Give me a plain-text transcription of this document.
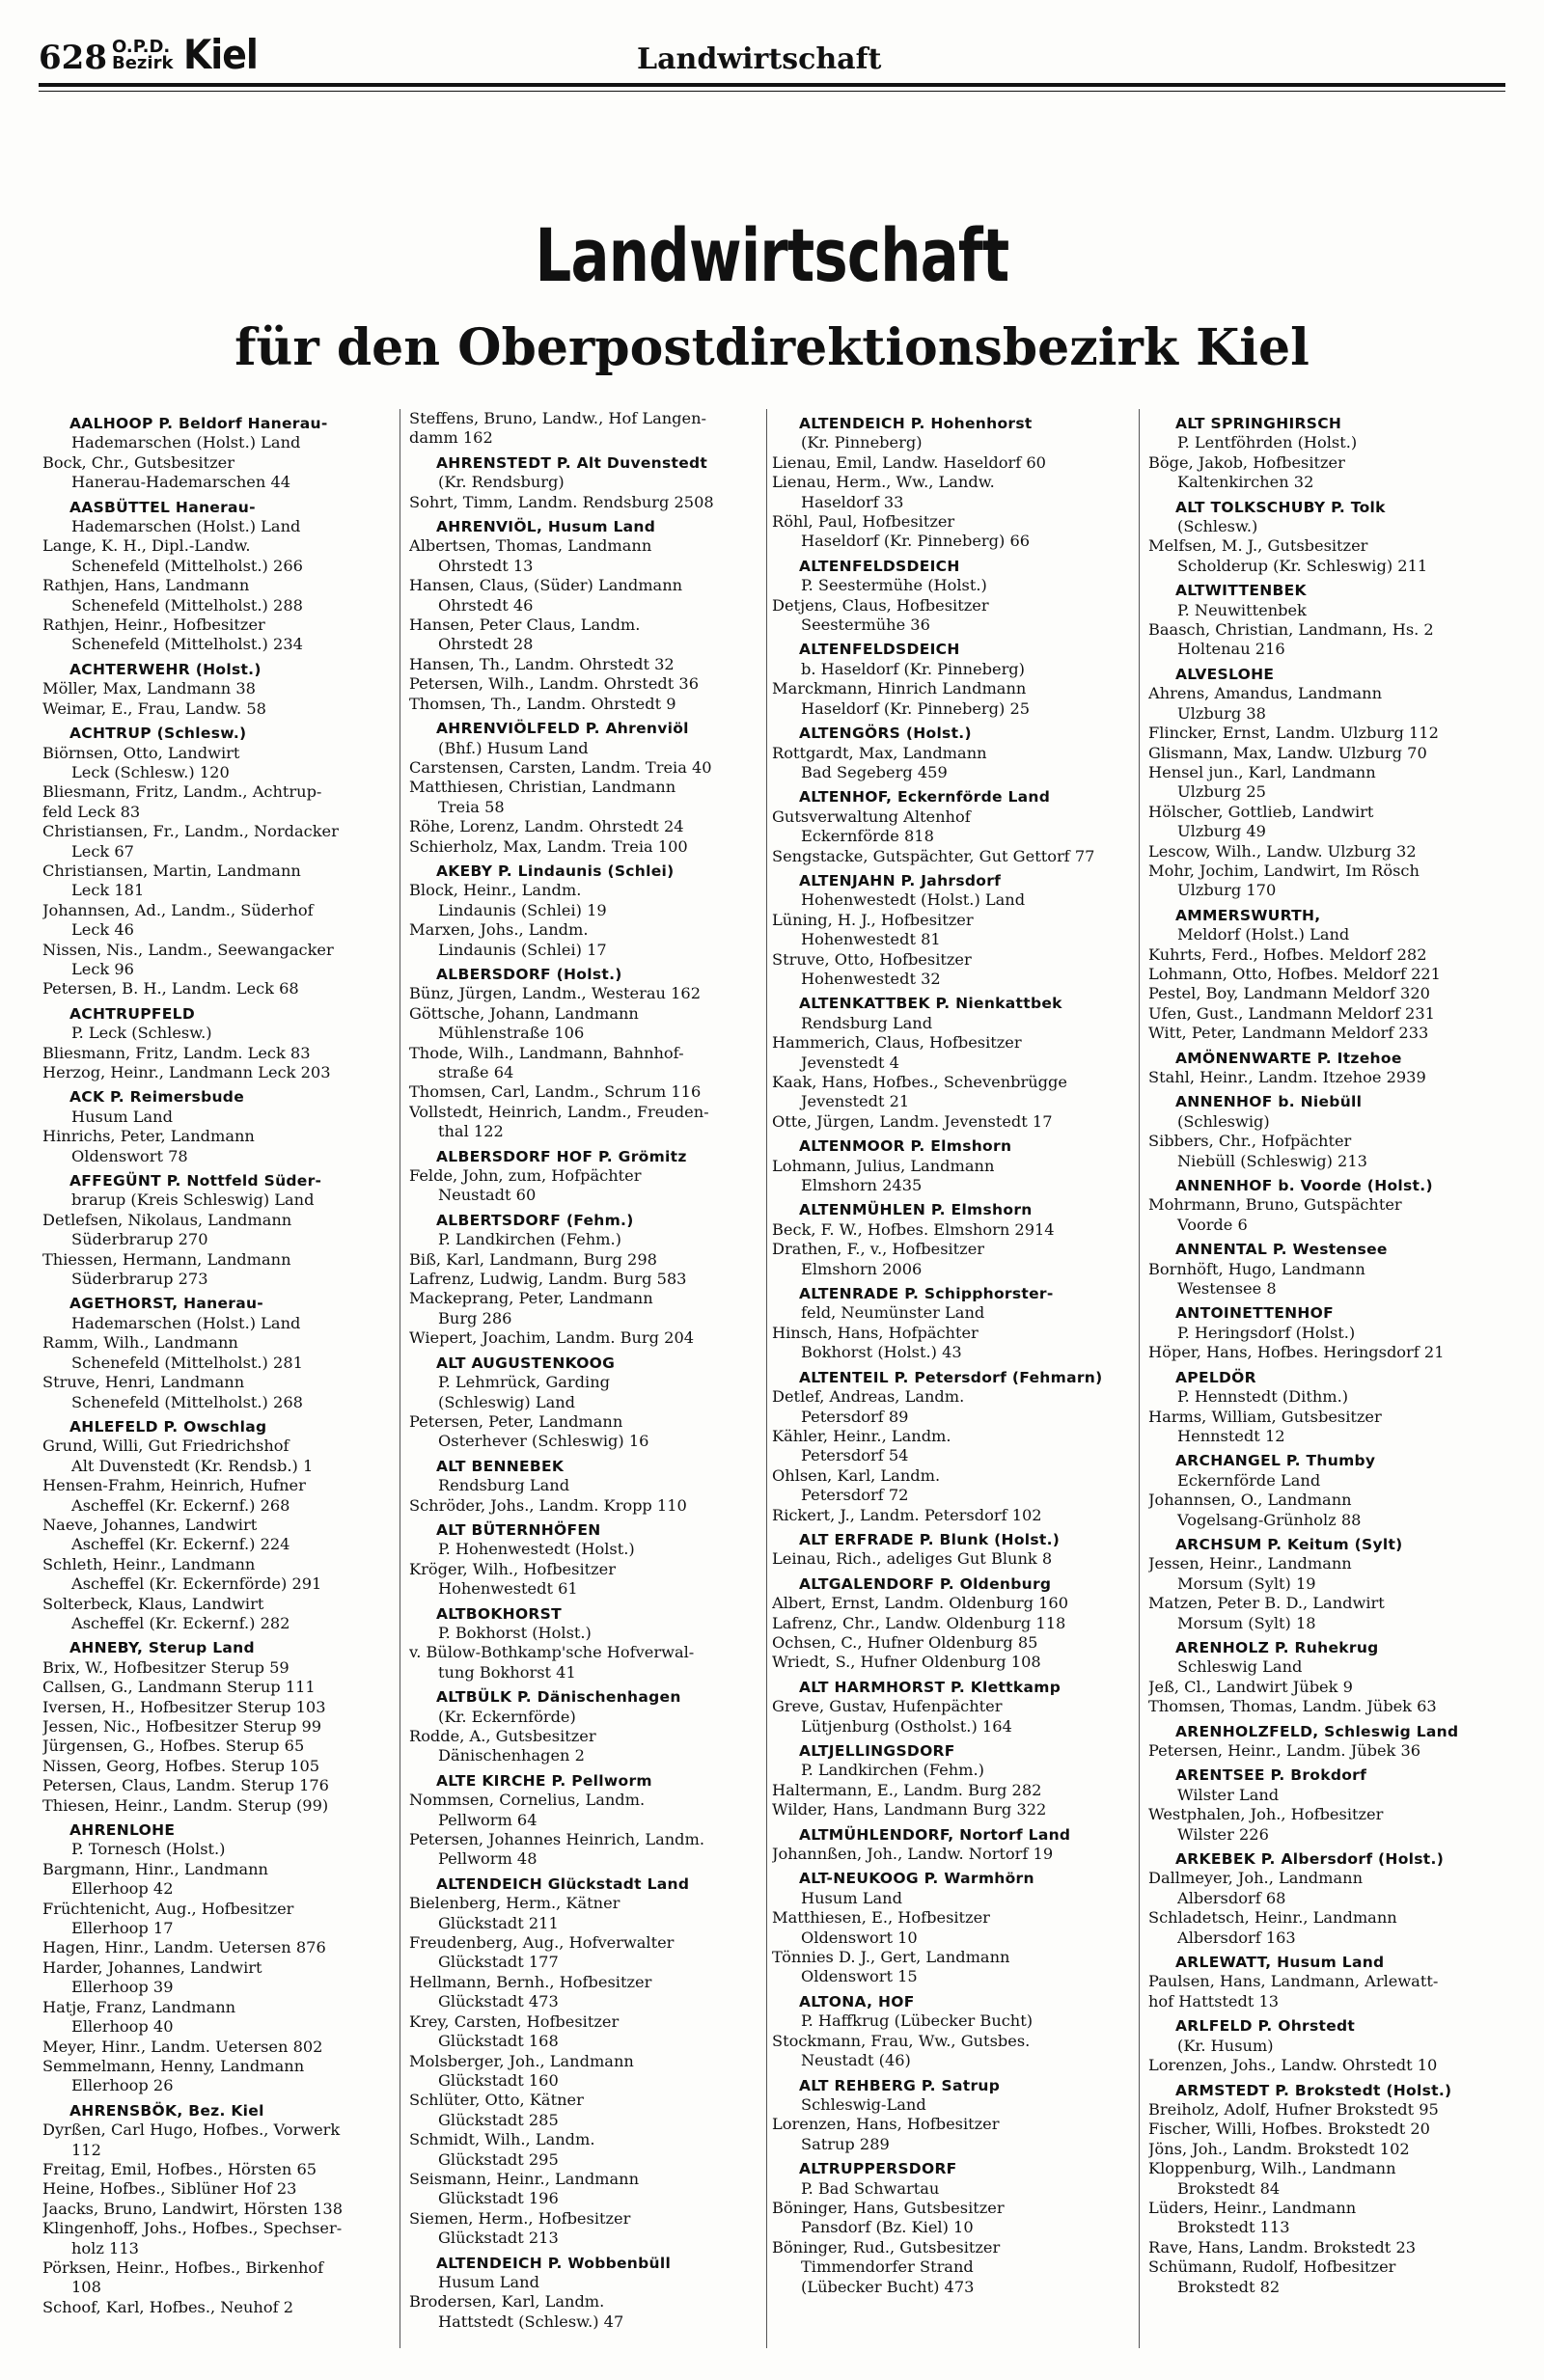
628 O.P.D.
Bezirk Kiel	Landwirtschaft
Landwirtschaft
für den Oberpostdirektionsbezirk Kiel
AALHOOP P. Beldorf Hanerau-
Hademarschen (Holst.) Land
Bock, Chr., Gutsbesitzer
Hanerau-Hademarschen 44
AASBÜTTEL Hanerau-
Hademarschen (Holst.) Land
Lange, K. H., Dipl.-Landw.
Schenefeld (Mittelholst.) 266
Rathjen, Hans, Landmann
Schenefeld (Mittelholst.) 288
Rathjen, Heinr., Hofbesitzer
Schenefeld (Mittelholst.) 234
ACHTERWEHR (Holst.)
Möller, Max, Landmann 38
Weimar, E., Frau, Landw. 58
ACHTRUP (Schlesw.)
Biörnsen, Otto, Landwirt
Leck (Schlesw.) 120
Bliesmann, Fritz, Landm., Achtrup-
feld Leck 83
Christiansen, Fr., Landm., Nordacker
Leck 67
Christiansen, Martin, Landmann
Leck 181
Johannsen, Ad., Landm., Süderhof
Leck 46
Nissen, Nis., Landm., Seewangacker
Leck 96
Petersen, B. H., Landm. Leck 68
ACHTRUPFELD
P. Leck (Schlesw.)
Bliesmann, Fritz, Landm. Leck 83
Herzog, Heinr., Landmann Leck 203
ACK P. Reimersbude
Husum Land
Hinrichs, Peter, Landmann
Oldenswort 78
AFFEGÜNT P. Nottfeld Süder-
brarup (Kreis Schleswig) Land
Detlefsen, Nikolaus, Landmann
Süderbrarup 270
Thiessen, Hermann, Landmann
Süderbrarup 273
AGETHORST, Hanerau-
Hademarschen (Holst.) Land
Ramm, Wilh., Landmann
Schenefeld (Mittelholst.) 281
Struve, Henri, Landmann
Schenefeld (Mittelholst.) 268
AHLEFELD P. Owschlag
Grund, Willi, Gut Friedrichshof
Alt Duvenstedt (Kr. Rendsb.) 1
Hensen-Frahm, Heinrich, Hufner
Ascheffel (Kr. Eckernf.) 268
Naeve, Johannes, Landwirt
Ascheffel (Kr. Eckernf.) 224
Schleth, Heinr., Landmann
Ascheffel (Kr. Eckernförde) 291
Solterbeck, Klaus, Landwirt
Ascheffel (Kr. Eckernf.) 282
AHNEBY, Sterup Land
Brix, W., Hofbesitzer Sterup 59
Callsen, G., Landmann Sterup 111
Iversen, H., Hofbesitzer Sterup 103
Jessen, Nic., Hofbesitzer Sterup 99
Jürgensen, G., Hofbes. Sterup 65
Nissen, Georg, Hofbes. Sterup 105
Petersen, Claus, Landm. Sterup 176
Thiesen, Heinr., Landm. Sterup (99)
AHRENLOHE
P. Tornesch (Holst.)
Bargmann, Hinr., Landmann
Ellerhoop 42
Früchtenicht, Aug., Hofbesitzer
Ellerhoop 17
Hagen, Hinr., Landm. Uetersen 876
Harder, Johannes, Landwirt
Ellerhoop 39
Hatje, Franz, Landmann
Ellerhoop 40
Meyer, Hinr., Landm. Uetersen 802
Semmelmann, Henny, Landmann
Ellerhoop 26
AHRENSBÖK, Bez. Kiel
Dyrßen, Carl Hugo, Hofbes., Vorwerk
112
Freitag, Emil, Hofbes., Hörsten 65
Heine, Hofbes., Siblüner Hof 23
Jaacks, Bruno, Landwirt, Hörsten 138
Klingenhoff, Johs., Hofbes., Spechser-
holz 113
Pörksen, Heinr., Hofbes., Birkenhof
108
Schoof, Karl, Hofbes., Neuhof 2
Steffens, Bruno, Landw., Hof Langen-
damm 162
AHRENSTEDT P. Alt Duvenstedt
(Kr. Rendsburg)
Sohrt, Timm, Landm. Rendsburg 2508
AHRENVIÖL, Husum Land
Albertsen, Thomas, Landmann
Ohrstedt 13
Hansen, Claus, (Süder) Landmann
Ohrstedt 46
Hansen, Peter Claus, Landm.
Ohrstedt 28
Hansen, Th., Landm. Ohrstedt 32
Petersen, Wilh., Landm. Ohrstedt 36
Thomsen, Th., Landm. Ohrstedt 9
AHRENVIÖLFELD P. Ahrenviöl
(Bhf.) Husum Land
Carstensen, Carsten, Landm. Treia 40
Matthiesen, Christian, Landmann
Treia 58
Röhe, Lorenz, Landm. Ohrstedt 24
Schierholz, Max, Landm. Treia 100
AKEBY P. Lindaunis (Schlei)
Block, Heinr., Landm.
Lindaunis (Schlei) 19
Marxen, Johs., Landm.
Lindaunis (Schlei) 17
ALBERSDORF (Holst.)
Bünz, Jürgen, Landm., Westerau 162
Göttsche, Johann, Landmann
Mühlenstraße 106
Thode, Wilh., Landmann, Bahnhof-
straße 64
Thomsen, Carl, Landm., Schrum 116
Vollstedt, Heinrich, Landm., Freuden-
thal 122
ALBERSDORF HOF P. Grömitz
Felde, John, zum, Hofpächter
Neustadt 60
ALBERTSDORF (Fehm.)
P. Landkirchen (Fehm.)
Biß, Karl, Landmann, Burg 298
Lafrenz, Ludwig, Landm. Burg 583
Mackeprang, Peter, Landmann
Burg 286
Wiepert, Joachim, Landm. Burg 204
ALT AUGUSTENKOOG
P. Lehmrück, Garding
(Schleswig) Land
Petersen, Peter, Landmann
Osterhever (Schleswig) 16
ALT BENNEBEK
Rendsburg Land
Schröder, Johs., Landm. Kropp 110
ALT BÜTERNHÖFEN
P. Hohenwestedt (Holst.)
Kröger, Wilh., Hofbesitzer
Hohenwestedt 61
ALTBOKHORST
P. Bokhorst (Holst.)
v. Bülow-Bothkamp'sche Hofverwal-
tung Bokhorst 41
ALTBÜLK P. Dänischenhagen
(Kr. Eckernförde)
Rodde, A., Gutsbesitzer
Dänischenhagen 2
ALTE KIRCHE P. Pellworm
Nommsen, Cornelius, Landm.
Pellworm 64
Petersen, Johannes Heinrich, Landm.
Pellworm 48
ALTENDEICH Glückstadt Land
Bielenberg, Herm., Kätner
Glückstadt 211
Freudenberg, Aug., Hofverwalter
Glückstadt 177
Hellmann, Bernh., Hofbesitzer
Glückstadt 473
Krey, Carsten, Hofbesitzer
Glückstadt 168
Molsberger, Joh., Landmann
Glückstadt 160
Schlüter, Otto, Kätner
Glückstadt 285
Schmidt, Wilh., Landm.
Glückstadt 295
Seismann, Heinr., Landmann
Glückstadt 196
Siemen, Herm., Hofbesitzer
Glückstadt 213
ALTENDEICH P. Wobbenbüll
Husum Land
Brodersen, Karl, Landm.
Hattstedt (Schlesw.) 47
ALTENDEICH P. Hohenhorst
(Kr. Pinneberg)
Lienau, Emil, Landw. Haseldorf 60
Lienau, Herm., Ww., Landw.
Haseldorf 33
Röhl, Paul, Hofbesitzer
Haseldorf (Kr. Pinneberg) 66
ALTENFELDSDEICH
P. Seestermühe (Holst.)
Detjens, Claus, Hofbesitzer
Seestermühe 36
ALTENFELDSDEICH
b. Haseldorf (Kr. Pinneberg)
Marckmann, Hinrich Landmann
Haseldorf (Kr. Pinneberg) 25
ALTENGÖRS (Holst.)
Rottgardt, Max, Landmann
Bad Segeberg 459
ALTENHOF, Eckernförde Land
Gutsverwaltung Altenhof
Eckernförde 818
Sengstacke, Gutspächter, Gut Gettorf 77
ALTENJAHN P. Jahrsdorf
Hohenwestedt (Holst.) Land
Lüning, H. J., Hofbesitzer
Hohenwestedt 81
Struve, Otto, Hofbesitzer
Hohenwestedt 32
ALTENKATTBEK P. Nienkattbek
Rendsburg Land
Hammerich, Claus, Hofbesitzer
Jevenstedt 4
Kaak, Hans, Hofbes., Schevenbrügge
Jevenstedt 21
Otte, Jürgen, Landm. Jevenstedt 17
ALTENMOOR P. Elmshorn
Lohmann, Julius, Landmann
Elmshorn 2435
ALTENMÜHLEN P. Elmshorn
Beck, F. W., Hofbes. Elmshorn 2914
Drathen, F., v., Hofbesitzer
Elmshorn 2006
ALTENRADE P. Schipphorster-
feld, Neumünster Land
Hinsch, Hans, Hofpächter
Bokhorst (Holst.) 43
ALTENTEIL P. Petersdorf (Fehmarn)
Detlef, Andreas, Landm.
Petersdorf 89
Kähler, Heinr., Landm.
Petersdorf 54
Ohlsen, Karl, Landm.
Petersdorf 72
Rickert, J., Landm. Petersdorf 102
ALT ERFRADE P. Blunk (Holst.)
Leinau, Rich., adeliges Gut Blunk 8
ALTGALENDORF P. Oldenburg
Albert, Ernst, Landm. Oldenburg 160
Lafrenz, Chr., Landw. Oldenburg 118
Ochsen, C., Hufner Oldenburg 85
Wriedt, S., Hufner Oldenburg 108
ALT HARMHORST P. Klettkamp
Greve, Gustav, Hufenpächter
Lütjenburg (Ostholst.) 164
ALTJELLINGSDORF
P. Landkirchen (Fehm.)
Haltermann, E., Landm. Burg 282
Wilder, Hans, Landmann Burg 322
ALTMÜHLENDORF, Nortorf Land
Johannßen, Joh., Landw. Nortorf 19
ALT-NEUKOOG P. Warmhörn
Husum Land
Matthiesen, E., Hofbesitzer
Oldenswort 10
Tönnies D. J., Gert, Landmann
Oldenswort 15
ALTONA, HOF
P. Haffkrug (Lübecker Bucht)
Stockmann, Frau, Ww., Gutsbes.
Neustadt (46)
ALT REHBERG P. Satrup
Schleswig-Land
Lorenzen, Hans, Hofbesitzer
Satrup 289
ALTRUPPERSDORF
P. Bad Schwartau
Böninger, Hans, Gutsbesitzer
Pansdorf (Bz. Kiel) 10
Böninger, Rud., Gutsbesitzer
Timmendorfer Strand
(Lübecker Bucht) 473
ALT SPRINGHIRSCH
P. Lentföhrden (Holst.)
Böge, Jakob, Hofbesitzer
Kaltenkirchen 32
ALT TOLKSCHUBY P. Tolk
(Schlesw.)
Melfsen, M. J., Gutsbesitzer
Scholderup (Kr. Schleswig) 211
ALTWITTENBEK
P. Neuwittenbek
Baasch, Christian, Landmann, Hs. 2
Holtenau 216
ALVESLOHE
Ahrens, Amandus, Landmann
Ulzburg 38
Flincker, Ernst, Landm. Ulzburg 112
Glismann, Max, Landw. Ulzburg 70
Hensel jun., Karl, Landmann
Ulzburg 25
Hölscher, Gottlieb, Landwirt
Ulzburg 49
Lescow, Wilh., Landw. Ulzburg 32
Mohr, Jochim, Landwirt, Im Rösch
Ulzburg 170
AMMERSWURTH,
Meldorf (Holst.) Land
Kuhrts, Ferd., Hofbes. Meldorf 282
Lohmann, Otto, Hofbes. Meldorf 221
Pestel, Boy, Landmann Meldorf 320
Ufen, Gust., Landmann Meldorf 231
Witt, Peter, Landmann Meldorf 233
AMÖNENWARTE P. Itzehoe
Stahl, Heinr., Landm. Itzehoe 2939
ANNENHOF b. Niebüll
(Schleswig)
Sibbers, Chr., Hofpächter
Niebüll (Schleswig) 213
ANNENHOF b. Voorde (Holst.)
Mohrmann, Bruno, Gutspächter
Voorde 6
ANNENTAL P. Westensee
Bornhöft, Hugo, Landmann
Westensee 8
ANTOINETTENHOF
P. Heringsdorf (Holst.)
Höper, Hans, Hofbes. Heringsdorf 21
APELDÖR
P. Hennstedt (Dithm.)
Harms, William, Gutsbesitzer
Hennstedt 12
ARCHANGEL P. Thumby
Eckernförde Land
Johannsen, O., Landmann
Vogelsang-Grünholz 88
ARCHSUM P. Keitum (Sylt)
Jessen, Heinr., Landmann
Morsum (Sylt) 19
Matzen, Peter B. D., Landwirt
Morsum (Sylt) 18
ARENHOLZ P. Ruhekrug
Schleswig Land
Jeß, Cl., Landwirt Jübek 9
Thomsen, Thomas, Landm. Jübek 63
ARENHOLZFELD, Schleswig Land
Petersen, Heinr., Landm. Jübek 36
ARENTSEE P. Brokdorf
Wilster Land
Westphalen, Joh., Hofbesitzer
Wilster 226
ARKEBEK P. Albersdorf (Holst.)
Dallmeyer, Joh., Landmann
Albersdorf 68
Schladetsch, Heinr., Landmann
Albersdorf 163
ARLEWATT, Husum Land
Paulsen, Hans, Landmann, Arlewatt-
hof Hattstedt 13
ARLFELD P. Ohrstedt
(Kr. Husum)
Lorenzen, Johs., Landw. Ohrstedt 10
ARMSTEDT P. Brokstedt (Holst.)
Breiholz, Adolf, Hufner Brokstedt 95
Fischer, Willi, Hofbes. Brokstedt 20
Jöns, Joh., Landm. Brokstedt 102
Kloppenburg, Wilh., Landmann
Brokstedt 84
Lüders, Heinr., Landmann
Brokstedt 113
Rave, Hans, Landm. Brokstedt 23
Schümann, Rudolf, Hofbesitzer
Brokstedt 82
